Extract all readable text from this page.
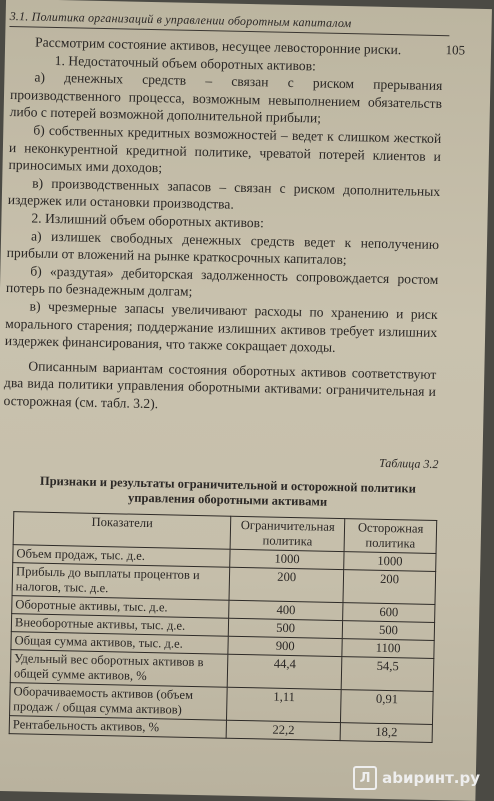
3.1. Политика организаций в управлении оборотным капиталом
105

Рассмотрим состояние активов, несущее левосторонние риски.

1. Недостаточный объем оборотных активов:

а) денежных средств – связан с риском прерывания производственного процесса, возможным невыполнением обязательств либо с потерей возможной дополнительной прибыли;

б) собственных кредитных возможностей – ведет к слишком жесткой и неконкурентной кредитной политике, чреватой потерей клиентов и приносимых ими доходов;

в) производственных запасов – связан с риском дополнительных издержек или остановки производства.

2. Излишний объем оборотных активов:

а) излишек свободных денежных средств ведет к неполучению прибыли от вложений на рынке краткосрочных капиталов;

б) «раздутая» дебиторская задолженность сопровождается ростом потерь по безнадежным долгам;

в) чрезмерные запасы увеличивают расходы по хранению и риск морального старения; поддержание излишних активов требует излишних издержек финансирования, что также сокращает доходы.

Описанным вариантам состояния оборотных активов соответствуют два вида политики управления оборотными активами: ограничительная и осторожная (см. табл. 3.2).

Таблица 3.2
Признаки и результаты ограничительной и осторожной политики управления оборотными активами
Показатели	Ограничительная политика	Осторожная политика
Объем продаж, тыс. д.е.	1000	1000
Прибыль до выплаты процентов и налогов, тыс. д.е.	200	200
Оборотные активы, тыс. д.е.	400	600
Внеоборотные активы, тыс. д.е.	500	500
Общая сумма активов, тыс. д.е.	900	1100
Удельный вес оборотных активов в общей сумме активов, %	44,4	54,5
Оборачиваемость активов (объем продаж / общая сумма активов)	1,11	0,91
Рентабельность активов, %	22,2	18,2
Л abиринт.ру
